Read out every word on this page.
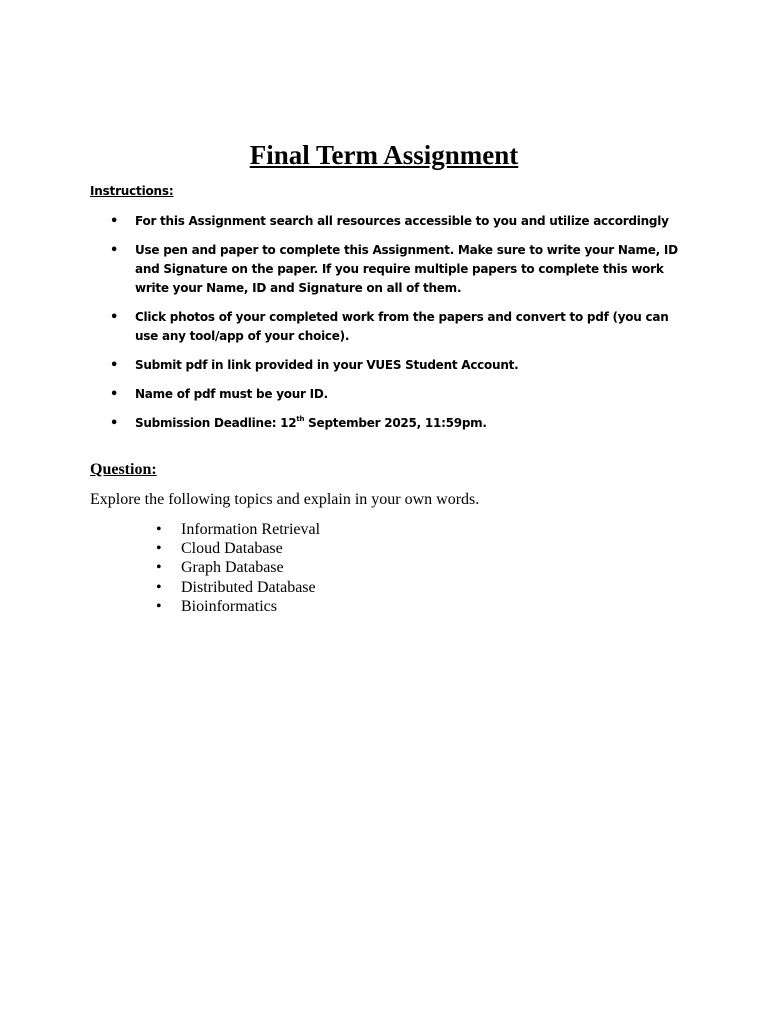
Final Term Assignment

Instructions:

• For this Assignment search all resources accessible to you and utilize accordingly
• Use pen and paper to complete this Assignment. Make sure to write your Name, ID and Signature on the paper. If you require multiple papers to complete this work write your Name, ID and Signature on all of them.
• Click photos of your completed work from the papers and convert to pdf (you can use any tool/app of your choice).
• Submit pdf in link provided in your VUES Student Account.
• Name of pdf must be your ID.
• Submission Deadline: 12th September 2025, 11:59pm.

Question:

Explore the following topics and explain in your own words.

• Information Retrieval
• Cloud Database
• Graph Database
• Distributed Database
• Bioinformatics
